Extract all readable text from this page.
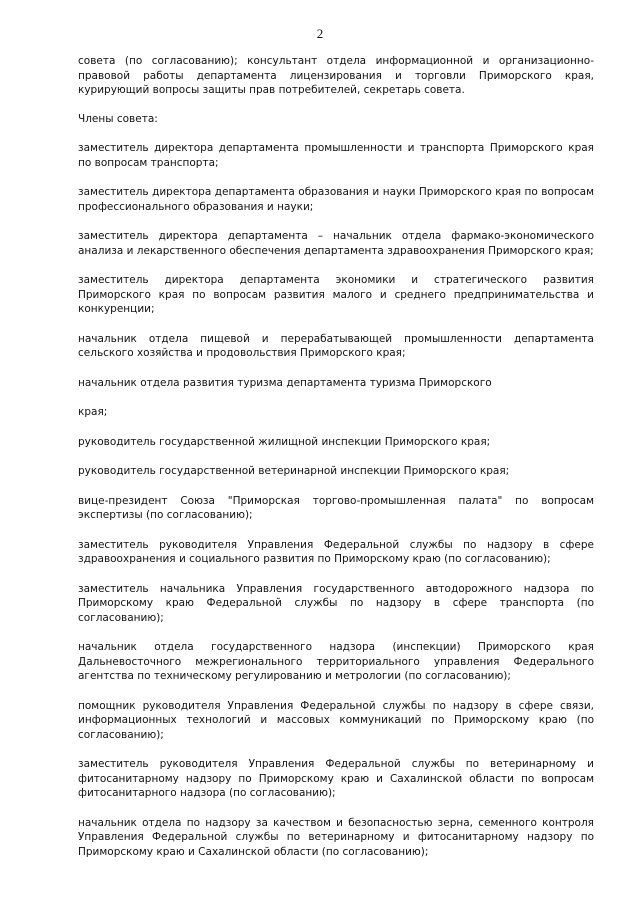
2

совета (по согласованию); консультант отдела информационной и организационно-правовой работы департамента лицензирования и торговли Приморского края, курирующий вопросы защиты прав потребителей, секретарь совета.

Члены совета:

заместитель директора департамента промышленности и транспорта Приморского края по вопросам транспорта;

заместитель директора департамента образования и науки Приморского края по вопросам профессионального образования и науки;

заместитель директора департамента – начальник отдела фармако-экономического анализа и лекарственного обеспечения департамента здравоохранения Приморского края;

заместитель директора департамента экономики и стратегического развития Приморского края по вопросам развития малого и среднего предпринимательства и конкуренции;

начальник отдела пищевой и перерабатывающей промышленности департамента сельского хозяйства и продовольствия Приморского края;

начальник отдела развития туризма департамента туризма Приморского

края;

руководитель государственной жилищной инспекции Приморского края;

руководитель государственной ветеринарной инспекции Приморского края;

вице-президент Союза "Приморская торгово-промышленная палата" по вопросам экспертизы (по согласованию);

заместитель руководителя Управления Федеральной службы по надзору в сфере здравоохранения и социального развития по Приморскому краю (по согласованию);

заместитель начальника Управления государственного автодорожного надзора по Приморскому краю Федеральной службы по надзору в сфере транспорта (по согласованию);

начальник отдела государственного надзора (инспекции) Приморского края Дальневосточного межрегионального территориального управления Федерального агентства по техническому регулированию и метрологии (по согласованию);

помощник руководителя Управления Федеральной службы по надзору в сфере связи, информационных технологий и массовых коммуникаций по Приморскому краю (по согласованию);

заместитель руководителя Управления Федеральной службы по ветеринарному и фитосанитарному надзору по Приморскому краю и Сахалинской области по вопросам фитосанитарного надзора (по согласованию);

начальник отдела по надзору за качеством и безопасностью зерна, семенного контроля Управления Федеральной службы по ветеринарному и фитосанитарному надзору по Приморскому краю и Сахалинской области (по согласованию);
